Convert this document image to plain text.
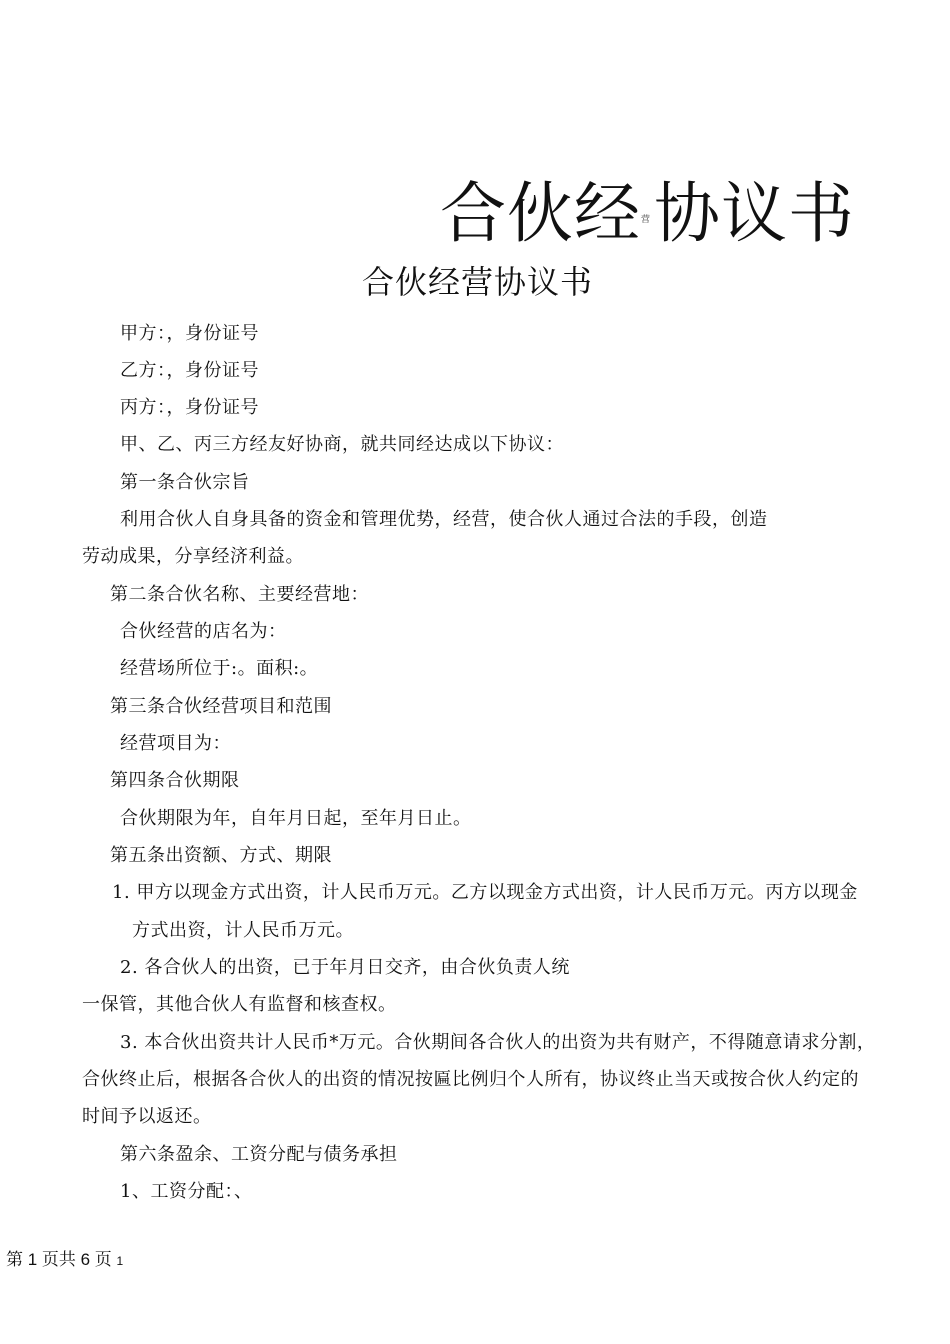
合伙经$^营$协议书
合伙经营协议书
甲方：，身份证号
乙方：，身份证号
丙方：，身份证号
甲、乙、丙三方经友好协商，就共同经达成以下协议：
第一条合伙宗旨
利用合伙人自身具备的资金和管理优势，经营，使合伙人通过合法的手段，创造
劳动成果，分享经济利益。
第二条合伙名称、主要经营地：
合伙经营的店名为：
经营场所位于:。面积:。
第三条合伙经营项目和范围
经营项目为：
第四条合伙期限
合伙期限为年，自年月日起，至年月日止。
第五条出资额、方式、期限
1. 甲方以现金方式出资，计人民币万元。乙方以现金方式出资，计人民币万元。丙方以现金
方式出资，计人民币万元。
2. 各合伙人的出资，已于年月日交齐，由合伙负责人统
一保管，其他合伙人有监督和核查权。
3. 本合伙出资共计人民币*万元。合伙期间各合伙人的出资为共有财产，不得随意请求分割，
合伙终止后，根据各合伙人的出资的情况按匾比例归个人所有，协议终止当天或按合伙人约定的
时间予以返还。
第六条盈余、工资分配与债务承担
1、工资分配：、
第 1 页共 6 页 1
